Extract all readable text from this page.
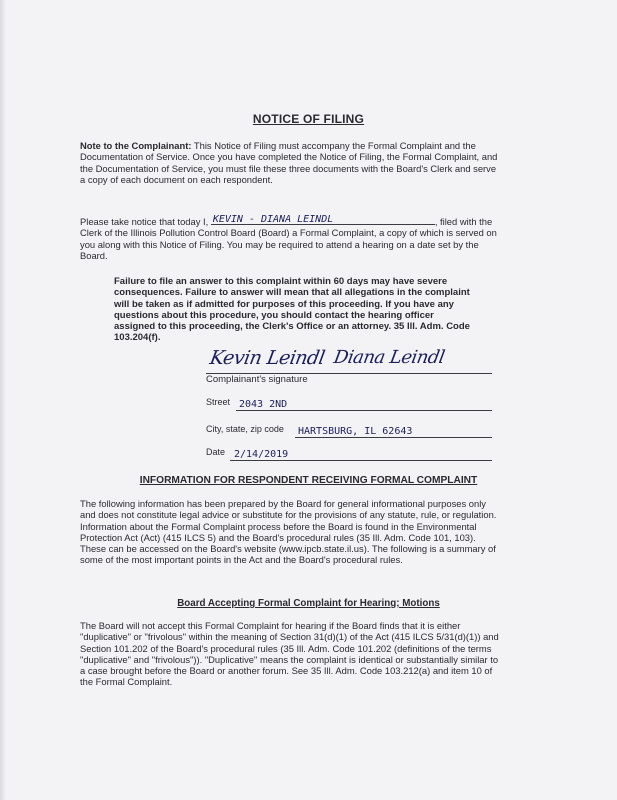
NOTICE OF FILING

Note to the Complainant: This Notice of Filing must accompany the Formal Complaint and the Documentation of Service. Once you have completed the Notice of Filing, the Formal Complaint, and the Documentation of Service, you must file these three documents with the Board's Clerk and serve a copy of each document on each respondent.

Please take notice that today I, KEVIN - DIANA LEINDL	, filed with the Clerk of the Illinois Pollution Control Board (Board) a Formal Complaint, a copy of which is served on you along with this Notice of Filing. You may be required to attend a hearing on a date set by the Board.

Failure to file an answer to this complaint within 60 days may have severe consequences. Failure to answer will mean that all allegations in the complaint will be taken as if admitted for purposes of this proceeding. If you have any questions about this procedure, you should contact the hearing officer assigned to this proceeding, the Clerk's Office or an attorney. 35 Ill. Adm. Code 103.204(f).

Kevin Leindl Diana Leindl
Complainant's signature
Street 2043 2ND
City, state, zip code HARTSBURG, IL 62643
Date 2/14/2019
INFORMATION FOR RESPONDENT RECEIVING FORMAL COMPLAINT

The following information has been prepared by the Board for general informational purposes only and does not constitute legal advice or substitute for the provisions of any statute, rule, or regulation. Information about the Formal Complaint process before the Board is found in the Environmental Protection Act (Act) (415 ILCS 5) and the Board's procedural rules (35 Ill. Adm. Code 101, 103). These can be accessed on the Board's website (www.ipcb.state.il.us). The following is a summary of some of the most important points in the Act and the Board's procedural rules.

Board Accepting Formal Complaint for Hearing; Motions

The Board will not accept this Formal Complaint for hearing if the Board finds that it is either "duplicative" or "frivolous" within the meaning of Section 31(d)(1) of the Act (415 ILCS 5/31(d)(1)) and Section 101.202 of the Board's procedural rules (35 Ill. Adm. Code 101.202 (definitions of the terms "duplicative" and "frivolous")). "Duplicative" means the complaint is identical or substantially similar to a case brought before the Board or another forum. See 35 Ill. Adm. Code 103.212(a) and item 10 of the Formal Complaint.
